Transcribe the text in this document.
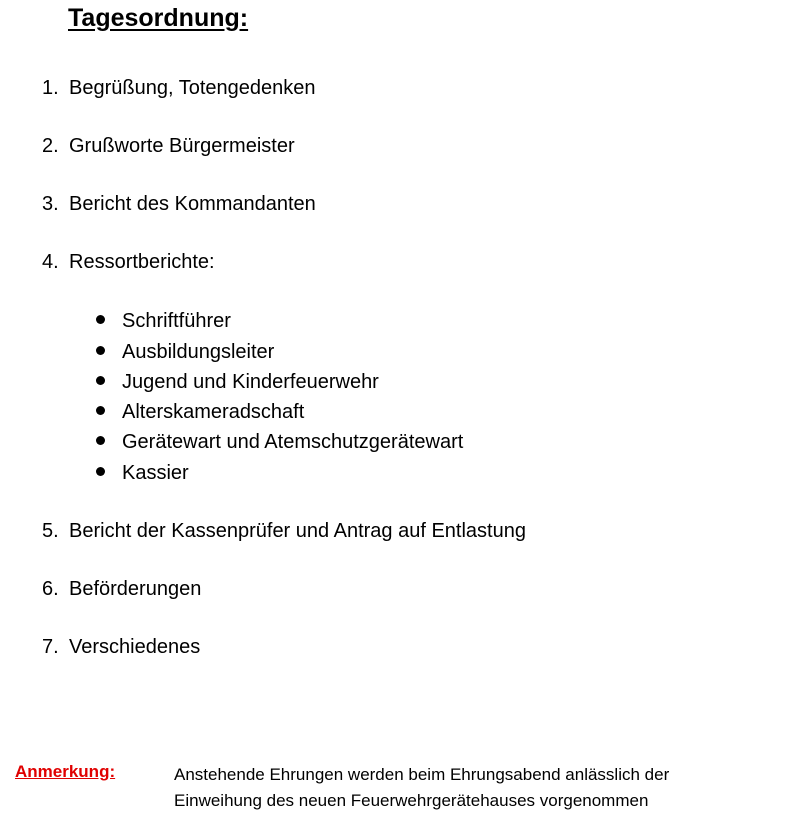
Tagesordnung:
1. Begrüßung, Totengedenken
2. Grußworte Bürgermeister
3. Bericht des Kommandanten
4. Ressortberichte:
Schriftführer
Ausbildungsleiter
Jugend und Kinderfeuerwehr
Alterskameradschaft
Gerätewart und Atemschutzgerätewart
Kassier
5. Bericht der Kassenprüfer und Antrag auf Entlastung
6. Beförderungen
7. Verschiedenes
Anmerkung:	Anstehende Ehrungen werden beim Ehrungsabend anlässlich der
Einweihung des neuen Feuerwehrgerätehauses vorgenommen
